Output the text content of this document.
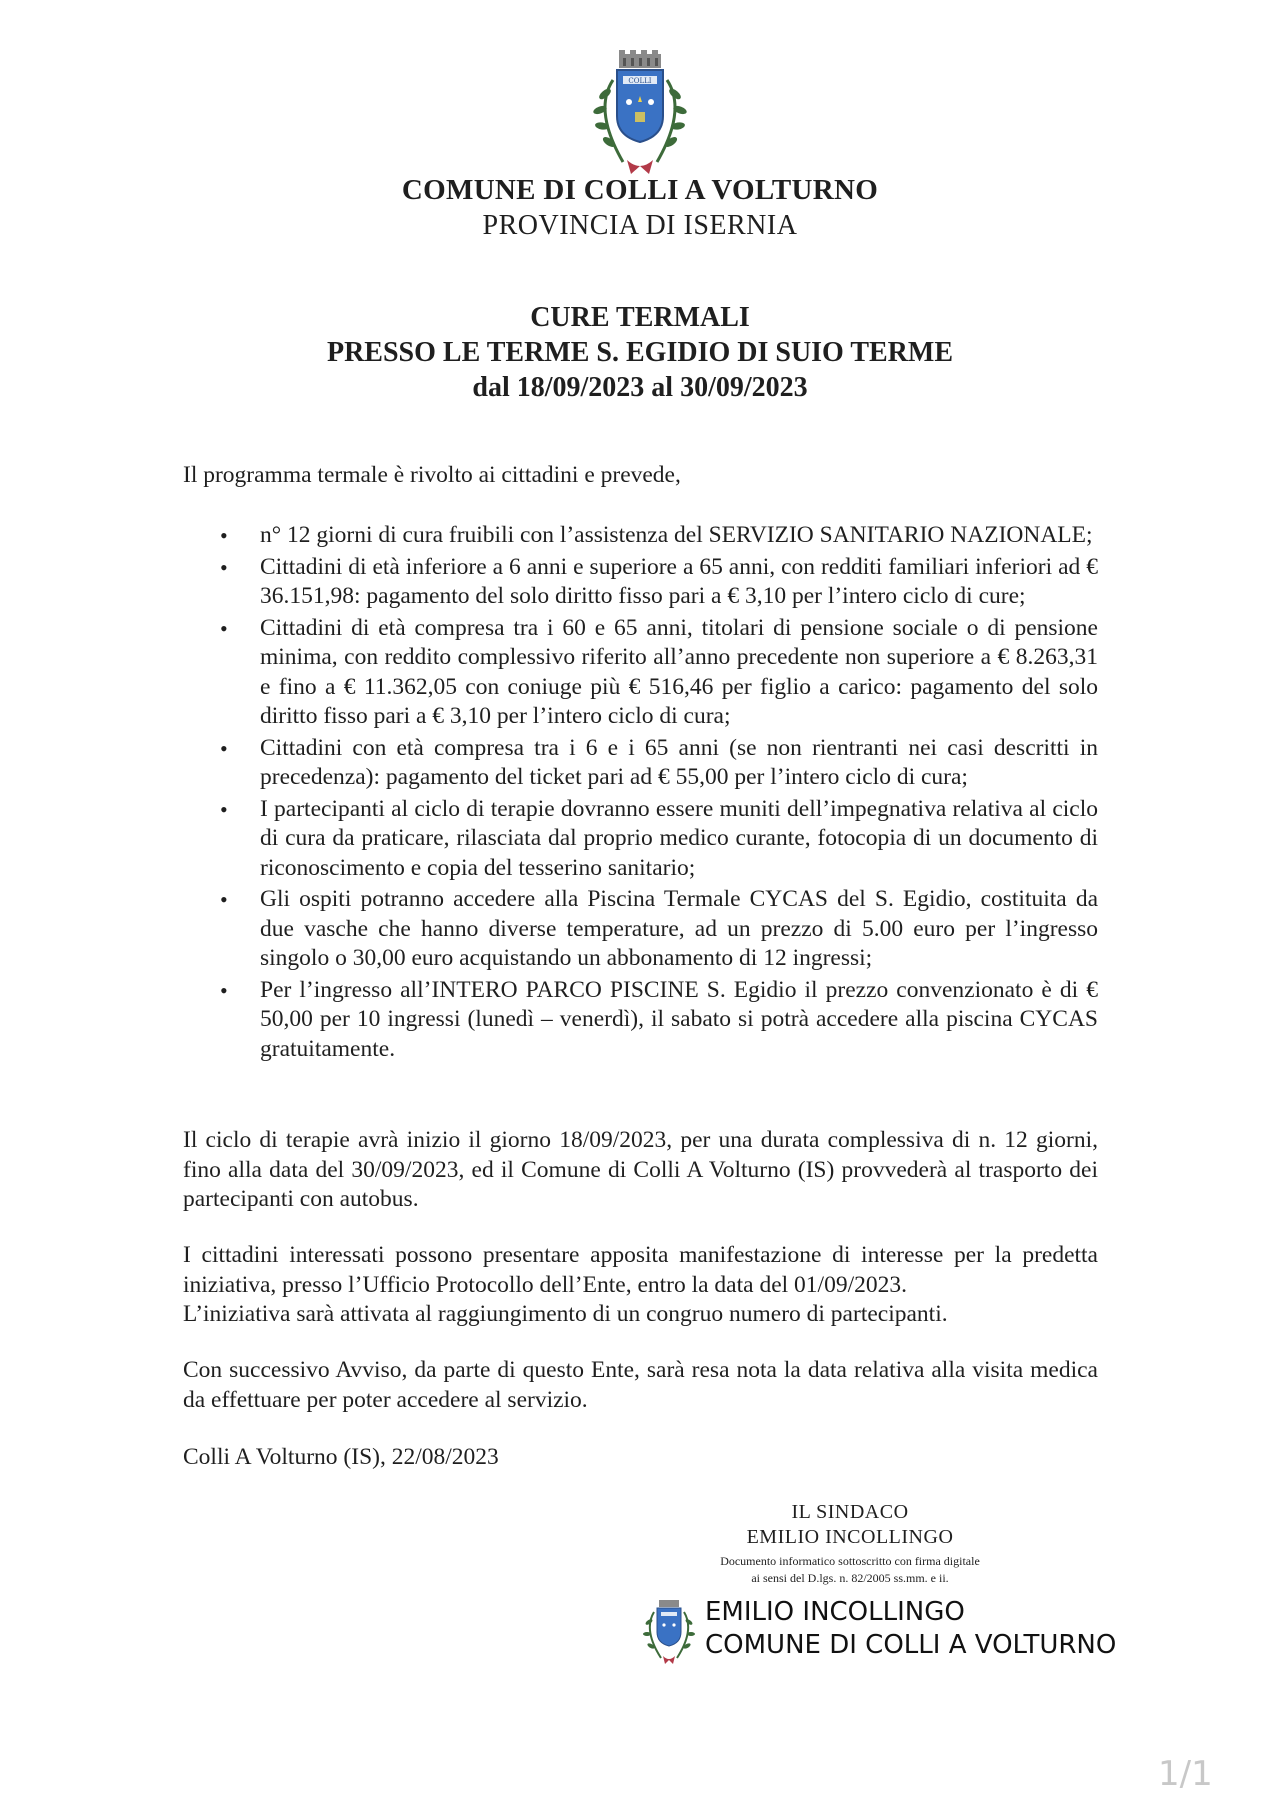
COLLI
COMUNE DI COLLI A VOLTURNO
PROVINCIA DI ISERNIA
CURE TERMALI
PRESSO LE TERME S. EGIDIO DI SUIO TERME
dal 18/09/2023 al 30/09/2023
Il programma termale è rivolto ai cittadini e prevede,
• n° 12 giorni di cura fruibili con l’assistenza del SERVIZIO SANITARIO NAZIONALE;
• Cittadini di età inferiore a 6 anni e superiore a 65 anni, con redditi familiari inferiori ad € 36.151,98: pagamento del solo diritto fisso pari a € 3,10 per l’intero ciclo di cure;
• Cittadini di età compresa tra i 60 e 65 anni, titolari di pensione sociale o di pensione minima, con reddito complessivo riferito all’anno precedente non superiore a € 8.263,31 e fino a € 11.362,05 con coniuge più € 516,46 per figlio a carico: pagamento del solo diritto fisso pari a € 3,10 per l’intero ciclo di cura;
• Cittadini con età compresa tra i 6 e i 65 anni (se non rientranti nei casi descritti in precedenza): pagamento del ticket pari ad € 55,00 per l’intero ciclo di cura;
• I partecipanti al ciclo di terapie dovranno essere muniti dell’impegnativa relativa al ciclo di cura da praticare, rilasciata dal proprio medico curante, fotocopia di un documento di riconoscimento e copia del tesserino sanitario;
• Gli ospiti potranno accedere alla Piscina Termale CYCAS del S. Egidio, costituita da due vasche che hanno diverse temperature, ad un prezzo di 5.00 euro per l’ingresso singolo o 30,00 euro acquistando un abbonamento di 12 ingressi;
• Per l’ingresso all’INTERO PARCO PISCINE S. Egidio il prezzo convenzionato è di € 50,00 per 10 ingressi (lunedì – venerdì), il sabato si potrà accedere alla piscina CYCAS gratuitamente.
Il ciclo di terapie avrà inizio il giorno 18/09/2023, per una durata complessiva di n. 12 giorni, fino alla data del 30/09/2023, ed il Comune di Colli A Volturno (IS) provvederà al trasporto dei partecipanti con autobus.
I cittadini interessati possono presentare apposita manifestazione di interesse per la predetta iniziativa, presso l’Ufficio Protocollo dell’Ente, entro la data del 01/09/2023.
L’iniziativa sarà attivata al raggiungimento di un congruo numero di partecipanti.
Con successivo Avviso, da parte di questo Ente, sarà resa nota la data relativa alla visita medica da effettuare per poter accedere al servizio.
Colli A Volturno (IS), 22/08/2023
IL SINDACO
EMILIO INCOLLINGO
Documento informatico sottoscritto con firma digitale
ai sensi del D.lgs. n. 82/2005 ss.mm. e ii.
EMILIO INCOLLINGO
COMUNE DI COLLI A VOLTURNO
1/1
